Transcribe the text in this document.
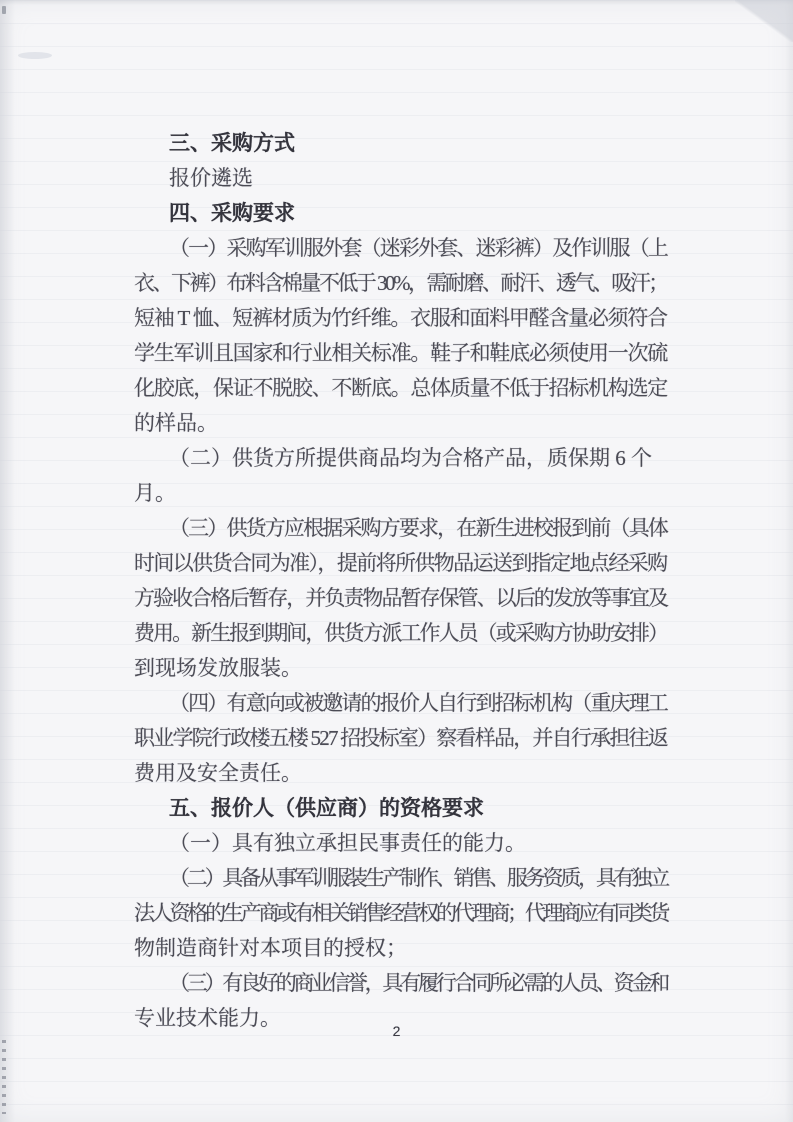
三、采购方式
报价遴选
四、采购要求
（一）采购军训服外套（迷彩外套、迷彩裤）及作训服（上
衣、下裤）布料含棉量不低于 30%，需耐磨、耐汗、透气、吸汗；
短袖 T 恤、短裤材质为竹纤维。衣服和面料甲醛含量必须符合
学生军训且国家和行业相关标准。鞋子和鞋底必须使用一次硫
化胶底，保证不脱胶、不断底。总体质量不低于招标机构选定
的样品。
（二）供货方所提供商品均为合格产品，质保期 6 个月。
（三）供货方应根据采购方要求，在新生进校报到前（具体
时间以供货合同为准），提前将所供物品运送到指定地点经采购
方验收合格后暂存，并负责物品暂存保管、以后的发放等事宜及
费用。新生报到期间，供货方派工作人员（或采购方协助安排）
到现场发放服装。
（四）有意向或被邀请的报价人自行到招标机构（重庆理工
职业学院行政楼五楼 527 招投标室）察看样品，并自行承担往返
费用及安全责任。
五、报价人（供应商）的资格要求
（一）具有独立承担民事责任的能力。
（二）具备从事军训服装生产制作、销售、服务资质，具有独立
法人资格的生产商或有相关销售经营权的代理商；代理商应有同类货
物制造商针对本项目的授权；
（三）有良好的商业信誉，具有履行合同所必需的人员、资金和
专业技术能力。
2
